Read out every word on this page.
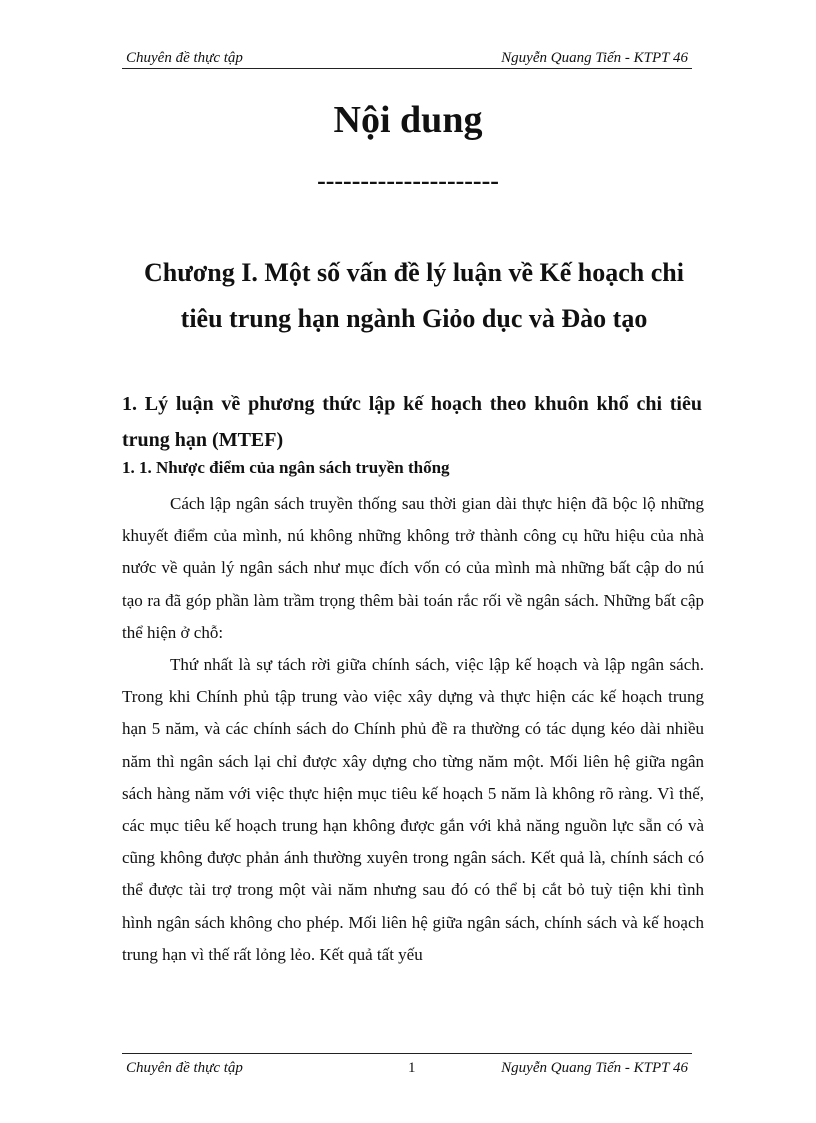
Chuyên đề thực tập	Nguyễn Quang Tiến - KTPT 46
Nội dung
---------------------
Chương I. Một số vấn đề lý luận về Kế hoạch chi
tiêu trung hạn ngành Giỏo dục và Đào tạo
1. Lý luận về phương thức lập kế hoạch theo khuôn khổ chi tiêu trung hạn (MTEF)
1. 1. Nhược điểm của ngân sách truyền thống

Cách lập ngân sách truyền thống sau thời gian dài thực hiện đã bộc lộ những khuyết điểm của mình, nú không những không trở thành công cụ hữu hiệu của nhà nước về quản lý ngân sách như mục đích vốn có của mình mà những bất cập do nú tạo ra đã góp phần làm trầm trọng thêm bài toán rắc rối về ngân sách. Những bất cập thể hiện ở chỗ:

Thứ nhất là sự tách rời giữa chính sách, việc lập kế hoạch và lập ngân sách. Trong khi Chính phủ tập trung vào việc xây dựng và thực hiện các kế hoạch trung hạn 5 năm, và các chính sách do Chính phủ đề ra thường có tác dụng kéo dài nhiều năm thì ngân sách lại chỉ được xây dựng cho từng năm một. Mối liên hệ giữa ngân sách hàng năm với việc thực hiện mục tiêu kế hoạch 5 năm là không rõ ràng. Vì thế, các mục tiêu kế hoạch trung hạn không được gắn với khả năng nguồn lực sẵn có và cũng không được phản ánh thường xuyên trong ngân sách. Kết quả là, chính sách có thể được tài trợ trong một vài năm nhưng sau đó có thể bị cắt bỏ tuỳ tiện khi tình hình ngân sách không cho phép. Mối liên hệ giữa ngân sách, chính sách và kế hoạch trung hạn vì thế rất lỏng lẻo. Kết quả tất yếu

Chuyên đề thực tập	1	Nguyễn Quang Tiến - KTPT 46
